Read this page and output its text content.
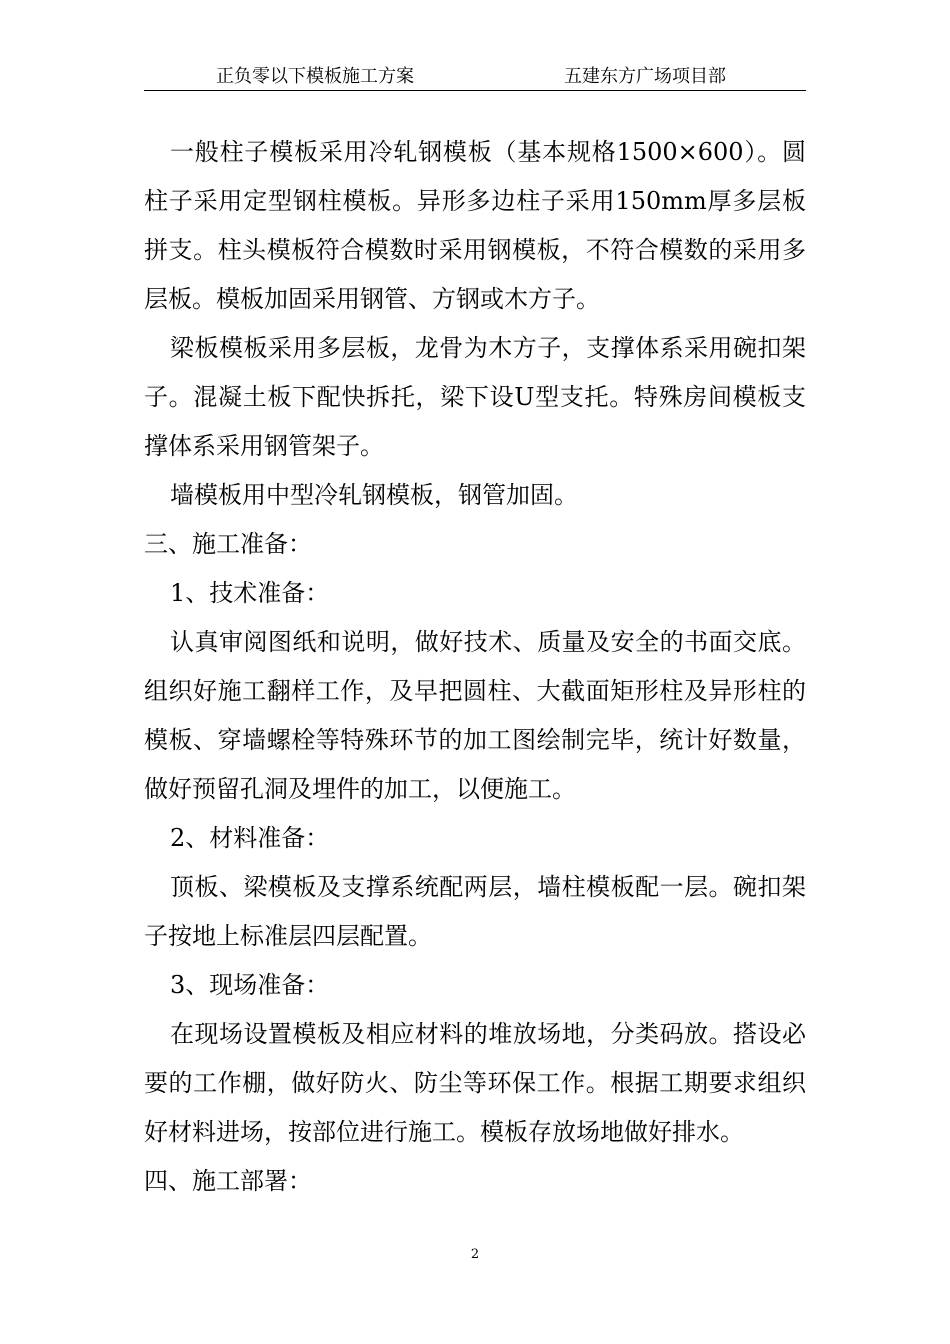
正负零以下模板施工方案	五建东方广场项目部

一般柱子模板采用冷轧钢模板（基本规格1500×600）。圆柱子采用定型钢柱模板。异形多边柱子采用150mm厚多层板拼支。柱头模板符合模数时采用钢模板，不符合模数的采用多层板。模板加固采用钢管、方钢或木方子。

梁板模板采用多层板，龙骨为木方子，支撑体系采用碗扣架子。混凝土板下配快拆托，梁下设U型支托。特殊房间模板支撑体系采用钢管架子。

墙模板用中型冷轧钢模板，钢管加固。

三、施工准备：

1、技术准备：

认真审阅图纸和说明，做好技术、质量及安全的书面交底。组织好施工翻样工作，及早把圆柱、大截面矩形柱及异形柱的模板、穿墙螺栓等特殊环节的加工图绘制完毕，统计好数量，做好预留孔洞及埋件的加工，以便施工。

2、材料准备：

顶板、梁模板及支撑系统配两层，墙柱模板配一层。碗扣架子按地上标准层四层配置。

3、现场准备：

在现场设置模板及相应材料的堆放场地，分类码放。搭设必要的工作棚，做好防火、防尘等环保工作。根据工期要求组织好材料进场，按部位进行施工。模板存放场地做好排水。

四、施工部署：

2
